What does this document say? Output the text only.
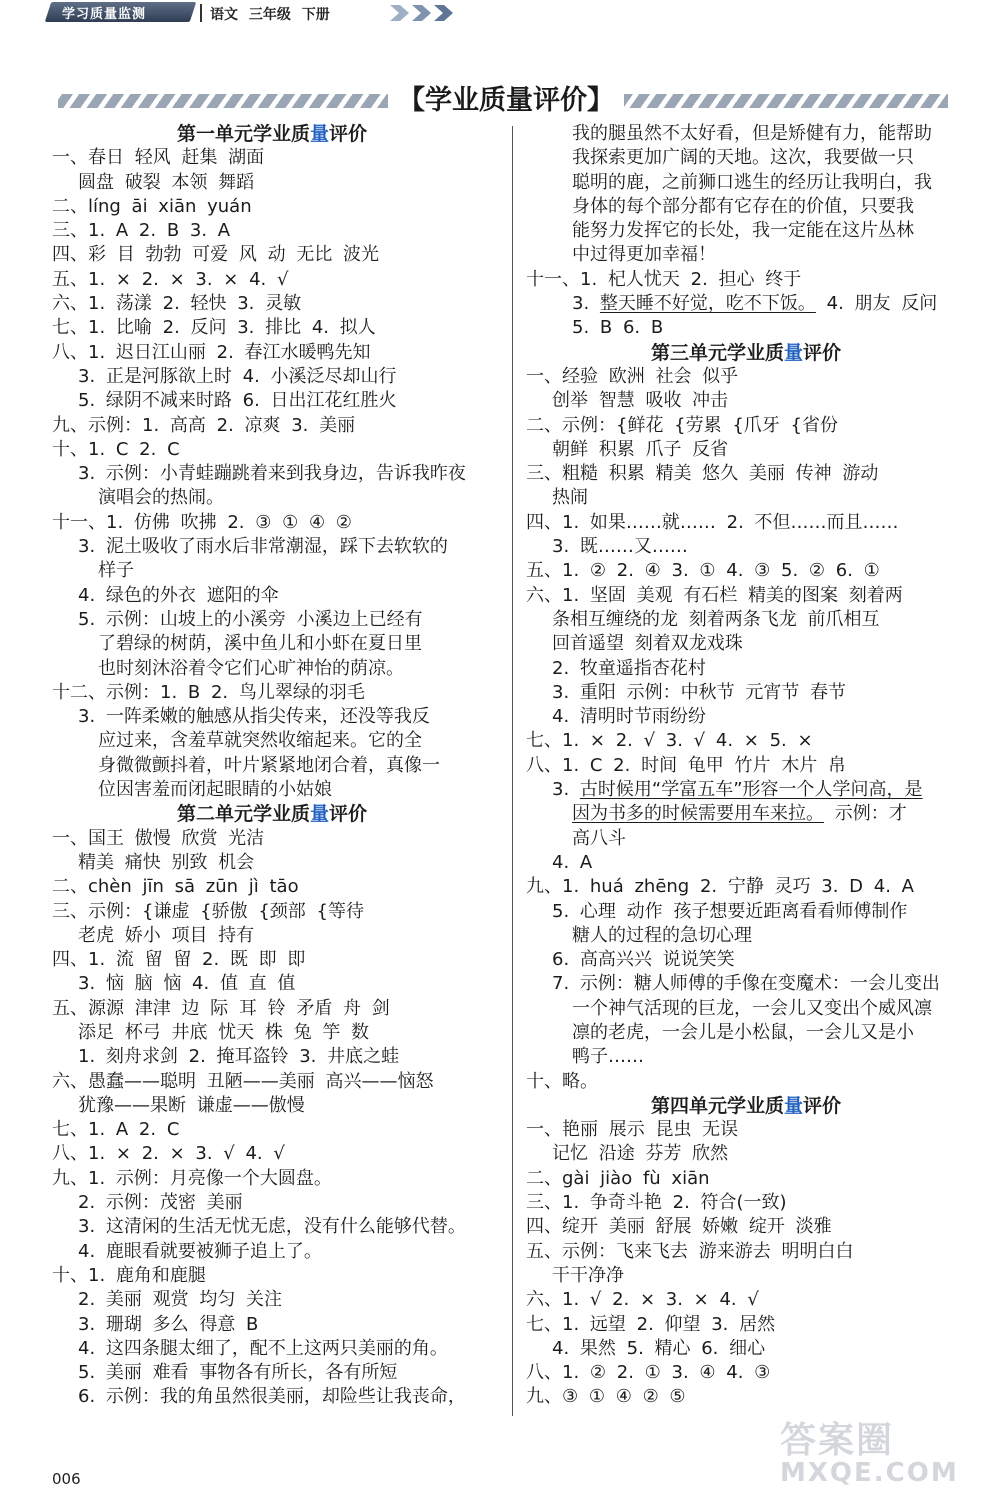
学习质量监测	语文 三年级 下册
【学业质量评价】
第一单元学业质量评价
一、春日 轻风 赶集 湖面
圆盘 破裂 本领 舞蹈
二、líng āi xiān yuán
三、1. A 2. B 3. A
四、彩 目 勃勃 可爱 风 动 无比 波光
五、1. × 2. × 3. × 4. √
六、1. 荡漾 2. 轻快 3. 灵敏
七、1. 比喻 2. 反问 3. 排比 4. 拟人
八、1. 迟日江山丽 2. 春江水暖鸭先知
3. 正是河豚欲上时 4. 小溪泛尽却山行
5. 绿阴不减来时路 6. 日出江花红胜火
九、示例：1. 高高 2. 凉爽 3. 美丽
十、1. C 2. C
3. 示例：小青蛙蹦跳着来到我身边，告诉我昨夜
演唱会的热闹。
十一、1. 仿佛 吹拂 2. ③ ① ④ ②
3. 泥土吸收了雨水后非常潮湿，踩下去软软的
样子
4. 绿色的外衣 遮阳的伞
5. 示例：山坡上的小溪旁 小溪边上已经有
了碧绿的树荫，溪中鱼儿和小虾在夏日里
也时刻沐浴着令它们心旷神怡的荫凉。
十二、示例：1. B 2. 鸟儿翠绿的羽毛
3. 一阵柔嫩的触感从指尖传来，还没等我反
应过来，含羞草就突然收缩起来。它的全
身微微颤抖着，叶片紧紧地闭合着，真像一
位因害羞而闭起眼睛的小姑娘
第二单元学业质量评价
一、国王 傲慢 欣赏 光洁
精美 痛快 别致 机会
二、chèn jīn sā zūn jì tāo
三、示例：{谦虚 {骄傲 {颈部 {等待
老虎 娇小 项目 持有
四、1. 流 留 留 2. 既 即 即
3. 恼 脑 恼 4. 值 直 值
五、源源 津津 边 际 耳 铃 矛盾 舟 剑
添足 杯弓 井底 忧天 株 兔 竽 数
1. 刻舟求剑 2. 掩耳盗铃 3. 井底之蛙
六、愚蠢——聪明 丑陋——美丽 高兴——恼怒
犹豫——果断 谦虚——傲慢
七、1. A 2. C
八、1. × 2. × 3. √ 4. √
九、1. 示例：月亮像一个大圆盘。
2. 示例：茂密 美丽
3. 这清闲的生活无忧无虑，没有什么能够代替。
4. 鹿眼看就要被狮子追上了。
十、1. 鹿角和鹿腿
2. 美丽 观赏 均匀 关注
3. 珊瑚 多么 得意 B
4. 这四条腿太细了，配不上这两只美丽的角。
5. 美丽 难看 事物各有所长，各有所短
6. 示例：我的角虽然很美丽，却险些让我丧命，
我的腿虽然不太好看，但是矫健有力，能帮助
我探索更加广阔的天地。这次，我要做一只
聪明的鹿，之前狮口逃生的经历让我明白，我
身体的每个部分都有它存在的价值，只要我
能努力发挥它的长处，我一定能在这片丛林
中过得更加幸福！
十一、1. 杞人忧天 2. 担心 终于
3. 整天睡不好觉，吃不下饭。 4. 朋友 反问
5. B 6. B
第三单元学业质量评价
一、经验 欧洲 社会 似乎
创举 智慧 吸收 冲击
二、示例：{鲜花 {劳累 {爪牙 {省份
朝鲜 积累 爪子 反省
三、粗糙 积累 精美 悠久 美丽 传神 游动
热闹
四、1. 如果……就…… 2. 不但……而且……
3. 既……又……
五、1. ② 2. ④ 3. ① 4. ③ 5. ② 6. ①
六、1. 坚固 美观 有石栏 精美的图案 刻着两
条相互缠绕的龙 刻着两条飞龙 前爪相互
回首遥望 刻着双龙戏珠
2. 牧童遥指杏花村
3. 重阳 示例：中秋节 元宵节 春节
4. 清明时节雨纷纷
七、1. × 2. √ 3. √ 4. × 5. ×
八、1. C 2. 时间 龟甲 竹片 木片 帛
3. 古时候用“学富五车”形容一个人学问高，是
因为书多的时候需要用车来拉。 示例：才
高八斗
4. A
九、1. huá zhēng 2. 宁静 灵巧 3. D 4. A
5. 心理 动作 孩子想要近距离看看师傅制作
糖人的过程的急切心理
6. 高高兴兴 说说笑笑
7. 示例：糖人师傅的手像在变魔术：一会儿变出
一个神气活现的巨龙，一会儿又变出个威风凛
凛的老虎，一会儿是小松鼠，一会儿又是小
鸭子……
十、略。
第四单元学业质量评价
一、艳丽 展示 昆虫 无误
记忆 沿途 芬芳 欣然
二、gài jiào fù xiān
三、1. 争奇斗艳 2. 符合(一致)
四、绽开 美丽 舒展 娇嫩 绽开 淡雅
五、示例：飞来飞去 游来游去 明明白白
干干净净
六、1. √ 2. × 3. × 4. √
七、1. 远望 2. 仰望 3. 居然
4. 果然 5. 精心 6. 细心
八、1. ② 2. ① 3. ④ 4. ③
九、③ ① ④ ② ⑤
006
答案圈
MXQE.COM
